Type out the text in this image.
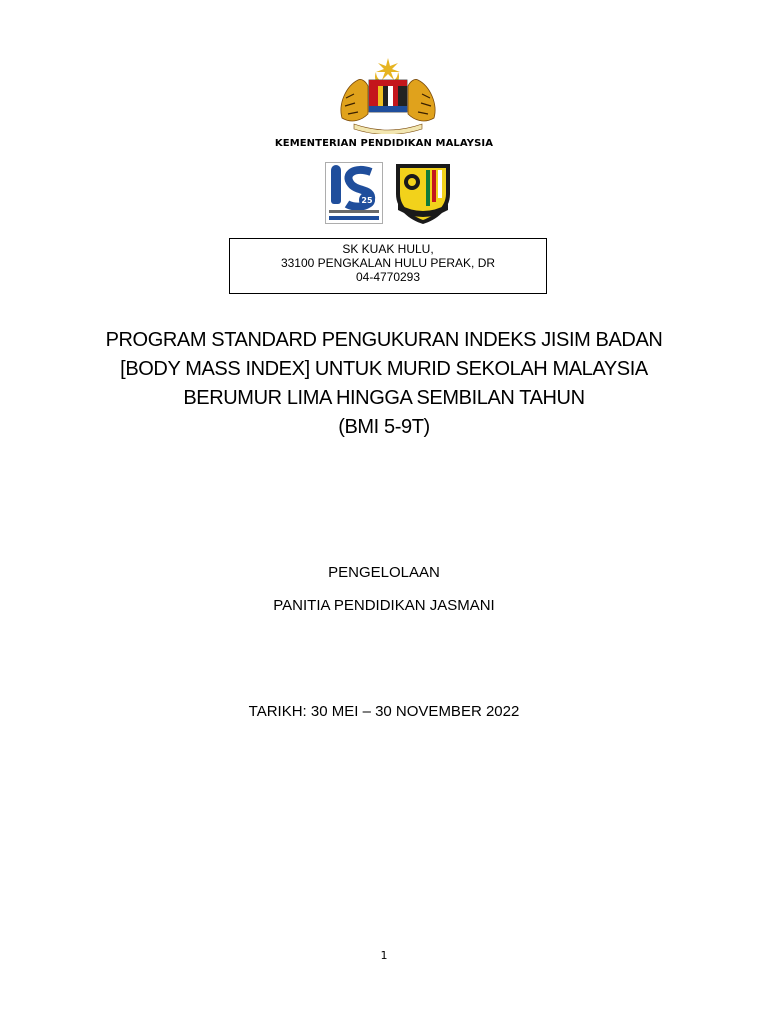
KEMENTERIAN PENDIDIKAN MALAYSIA
25
SK KUAK HULU,
33100 PENGKALAN HULU PERAK, DR
04-4770293
PROGRAM STANDARD PENGUKURAN INDEKS JISIM BADAN
[BODY MASS INDEX] UNTUK MURID SEKOLAH MALAYSIA
BERUMUR LIMA HINGGA SEMBILAN TAHUN
(BMI 5-9T)
PENGELOLAAN
PANITIA PENDIDIKAN JASMANI
TARIKH: 30 MEI – 30 NOVEMBER 2022
1
